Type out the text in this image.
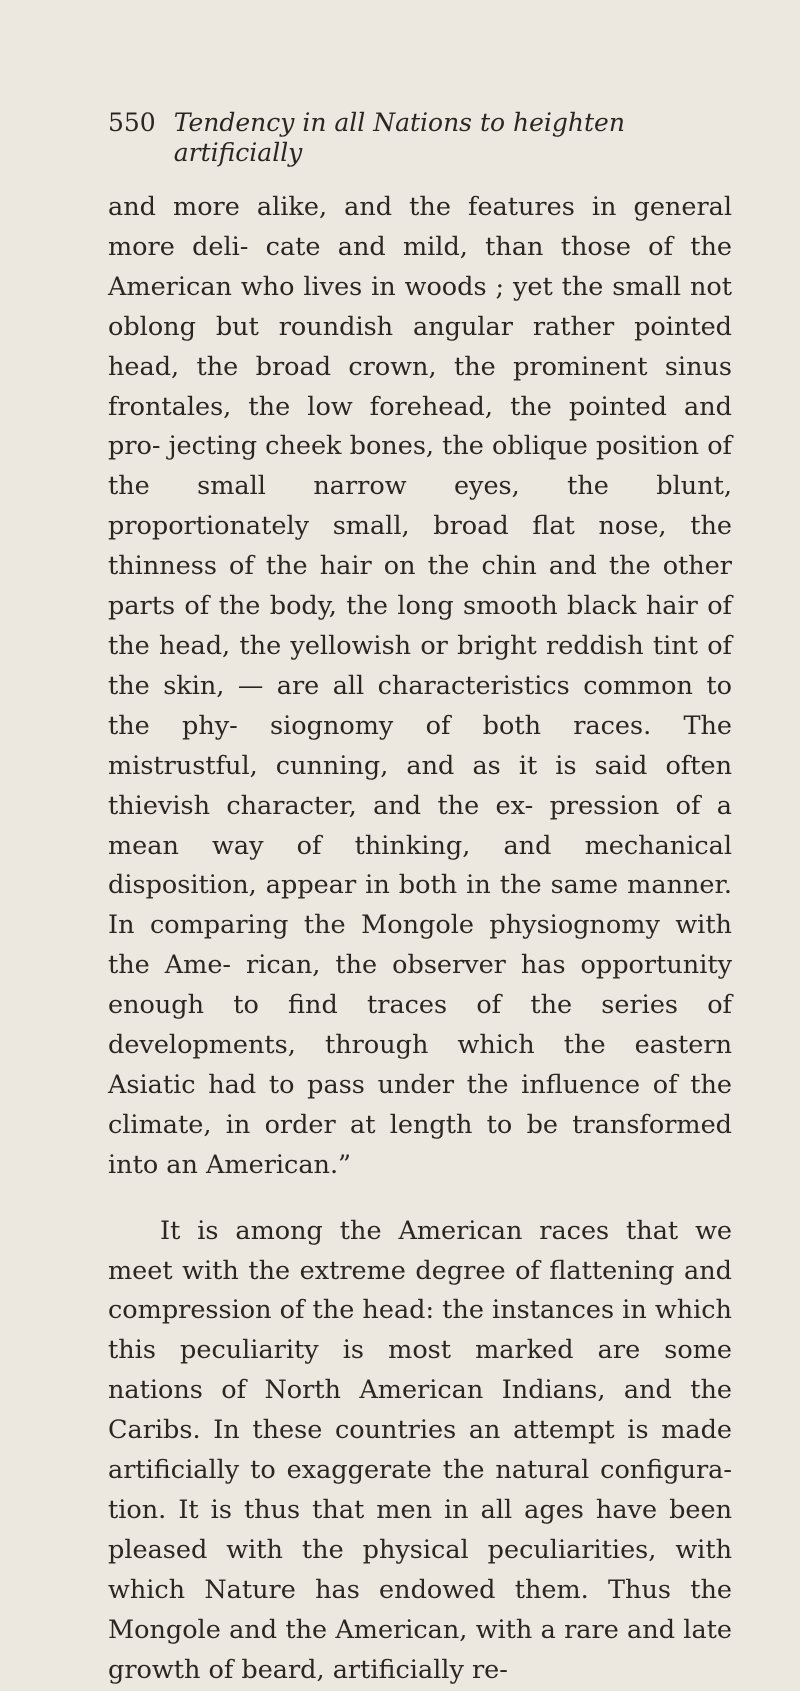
550 Tendency in all Nations to heighten artificially

and more alike, and the features in general more deli- cate and mild, than those of the American who lives in woods ; yet the small not oblong but roundish angular rather pointed head, the broad crown, the prominent sinus frontales, the low forehead, the pointed and pro- jecting cheek bones, the oblique position of the small narrow eyes, the blunt, proportionately small, broad flat nose, the thinness of the hair on the chin and the other parts of the body, the long smooth black hair of the head, the yellowish or bright reddish tint of the skin, — are all characteristics common to the phy- siognomy of both races. The mistrustful, cunning, and as it is said often thievish character, and the ex- pression of a mean way of thinking, and mechanical disposition, appear in both in the same manner. In comparing the Mongole physiognomy with the Ame- rican, the observer has opportunity enough to find traces of the series of developments, through which the eastern Asiatic had to pass under the influence of the climate, in order at length to be transformed into an American.”

It is among the American races that we meet with the extreme degree of flattening and compression of the head: the instances in which this peculiarity is most marked are some nations of North American Indians, and the Caribs. In these countries an attempt is made artificially to exaggerate the natural configura- tion. It is thus that men in all ages have been pleased with the physical peculiarities, with which Nature has endowed them. Thus the Mongole and the American, with a rare and late growth of beard, artificially re-
